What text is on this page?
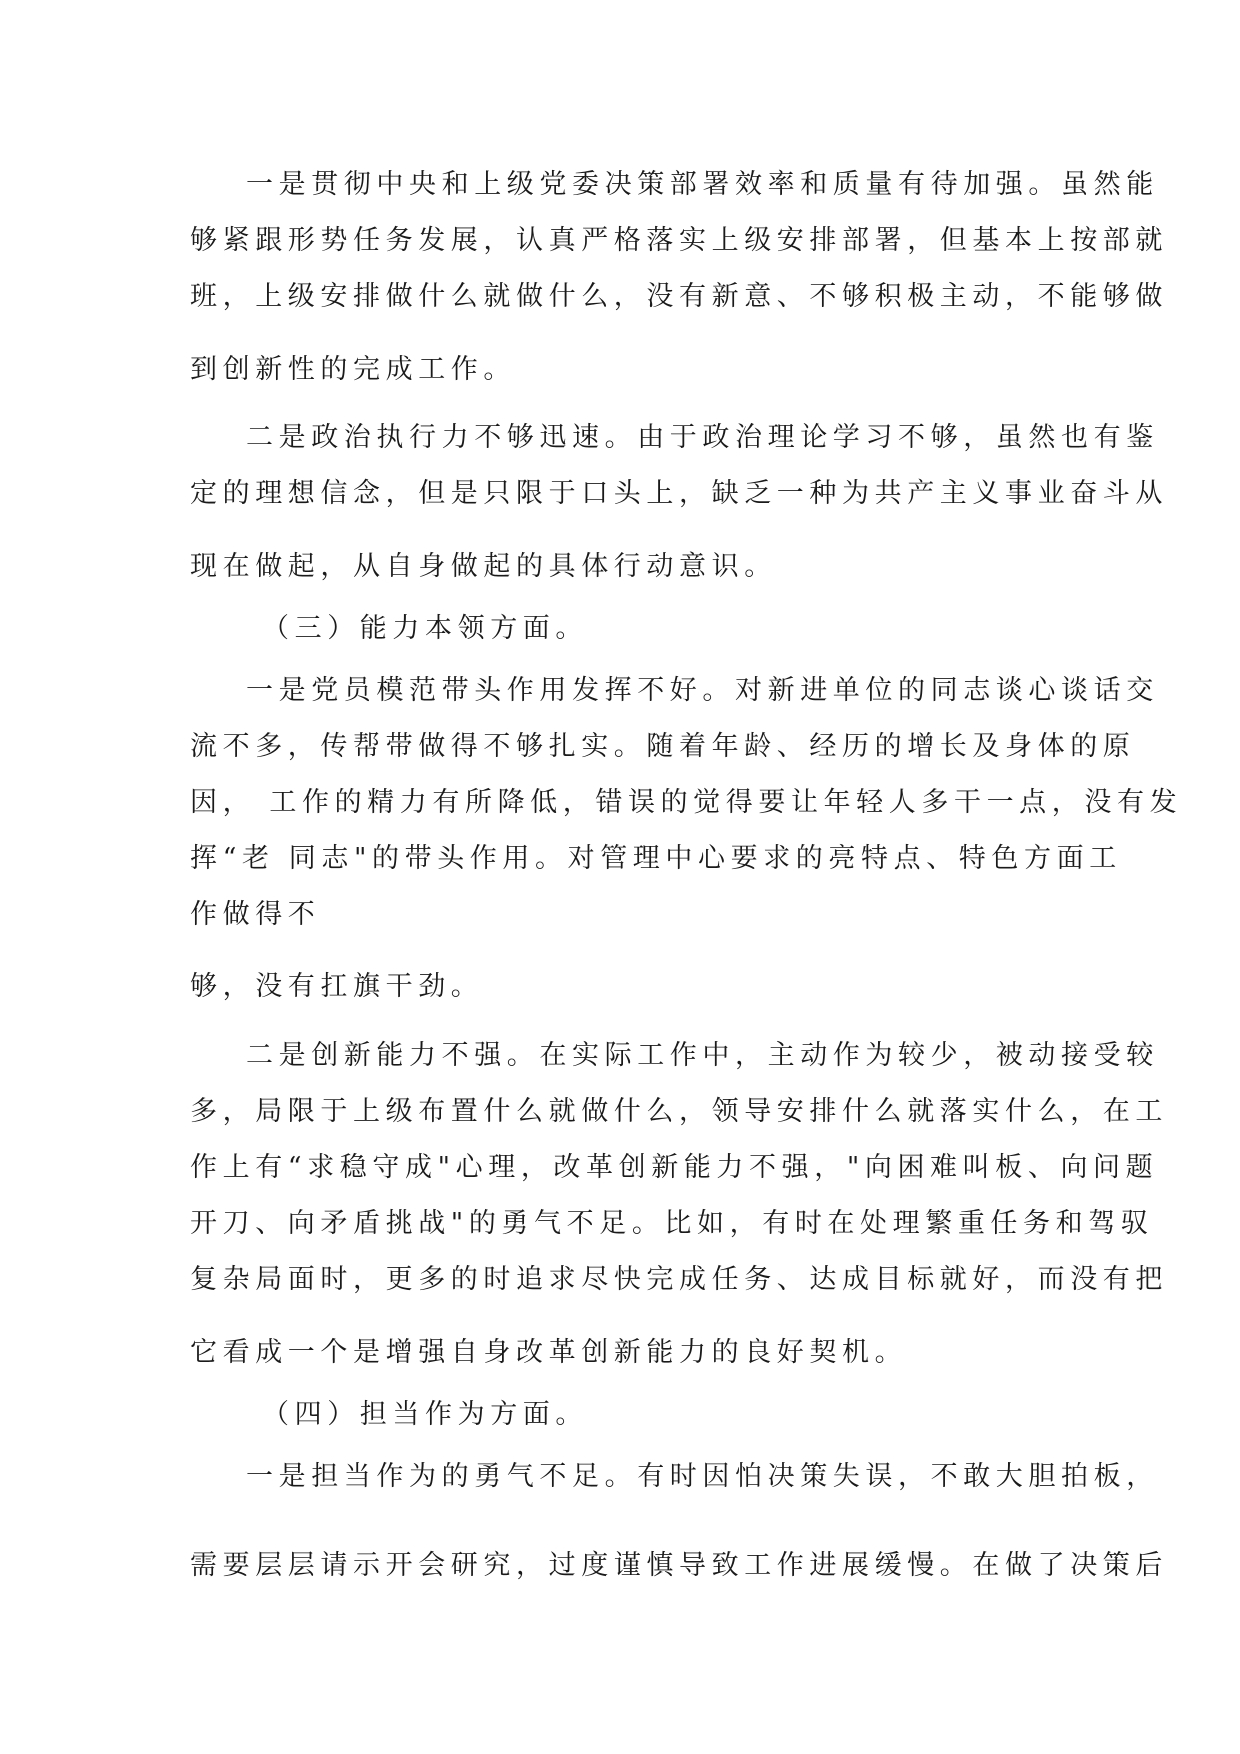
一是贯彻中央和上级党委决策部署效率和质量有待加强。虽然能
够紧跟形势任务发展，认真严格落实上级安排部署，但基本上按部就
班，上级安排做什么就做什么，没有新意、不够积极主动，不能够做
到创新性的完成工作。
二是政治执行力不够迅速。由于政治理论学习不够，虽然也有鉴
定的理想信念，但是只限于口头上，缺乏一种为共产主义事业奋斗从
现在做起，从自身做起的具体行动意识。
（三）能力本领方面。
一是党员模范带头作用发挥不好。对新进单位的同志谈心谈话交
流不多，传帮带做得不够扎实。随着年龄、经历的增长及身体的原
因， 工作的精力有所降低，错误的觉得要让年轻人多干一点，没有发
挥“老 同志"的带头作用。对管理中心要求的亮特点、特色方面工
作做得不
够，没有扛旗干劲。
二是创新能力不强。在实际工作中，主动作为较少，被动接受较
多，局限于上级布置什么就做什么，领导安排什么就落实什么，在工
作上有“求稳守成"心理，改革创新能力不强，"向困难叫板、向问题
开刀、向矛盾挑战"的勇气不足。比如，有时在处理繁重任务和驾驭
复杂局面时，更多的时追求尽快完成任务、达成目标就好，而没有把
它看成一个是增强自身改革创新能力的良好契机。
（四）担当作为方面。
一是担当作为的勇气不足。有时因怕决策失误，不敢大胆拍板，
需要层层请示开会研究，过度谨慎导致工作进展缓慢。在做了决策后
